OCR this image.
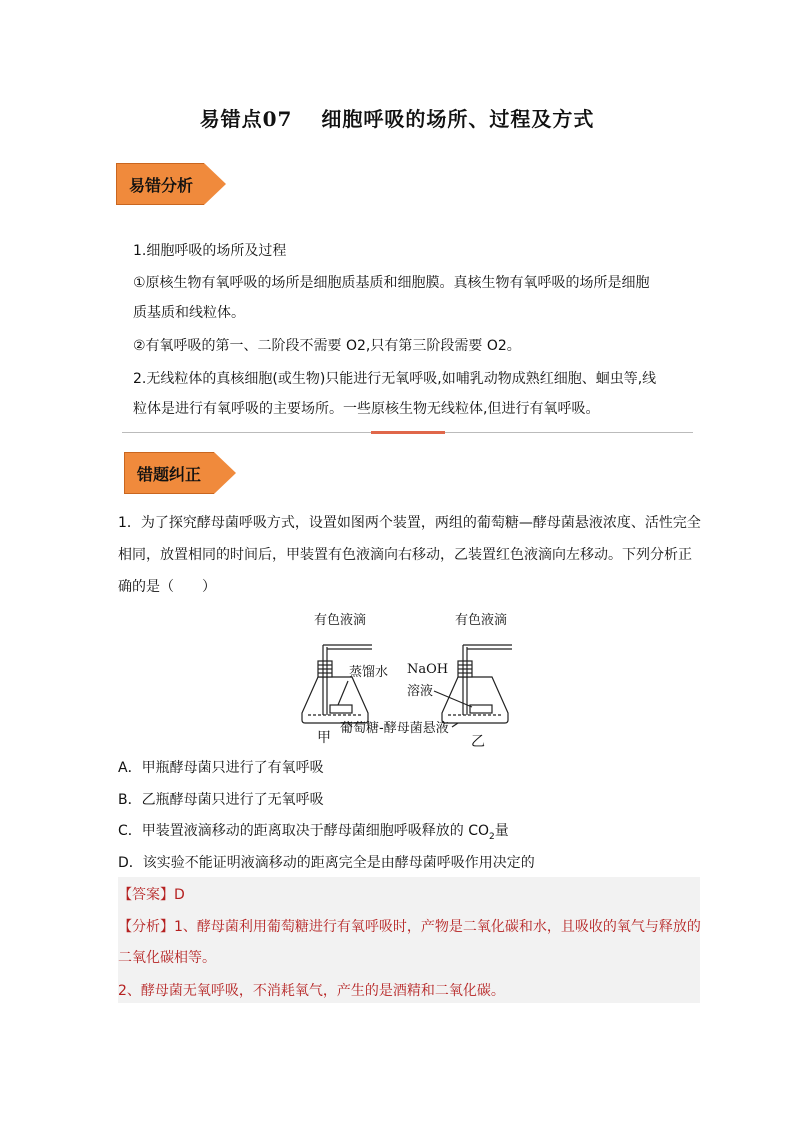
易错点07　 细胞呼吸的场所、过程及方式
易错分析
1.细胞呼吸的场所及过程
①原核生物有氧呼吸的场所是细胞质基质和细胞膜。真核生物有氧呼吸的场所是细胞
质基质和线粒体。
②有氧呼吸的第一、二阶段不需要 O2,只有第三阶段需要 O2。
2.无线粒体的真核细胞(或生物)只能进行无氧呼吸,如哺乳动物成熟红细胞、蛔虫等,线
粒体是进行有氧呼吸的主要场所。一些原核生物无线粒体,但进行有氧呼吸。
错题纠正
1．为了探究酵母菌呼吸方式，设置如图两个装置，两组的葡萄糖—酵母菌悬液浓度、活性完全
相同，放置相同的时间后，甲装置有色液滴向右移动，乙装置红色液滴向左移动。下列分析正
确的是（　　）
有色液滴	有色液滴
蒸馏水 NaOH
溶液
葡萄糖-酵母菌悬液
甲	乙
A．甲瓶酵母菌只进行了有氧呼吸
B．乙瓶酵母菌只进行了无氧呼吸
C．甲装置液滴移动的距离取决于酵母菌细胞呼吸释放的 $CO_2$量
D．该实验不能证明液滴移动的距离完全是由酵母菌呼吸作用决定的
【答案】D
【分析】1、酵母菌利用葡萄糖进行有氧呼吸时，产物是二氧化碳和水，且吸收的氧气与释放的
二氧化碳相等。
2、酵母菌无氧呼吸，不消耗氧气，产生的是酒精和二氧化碳。
